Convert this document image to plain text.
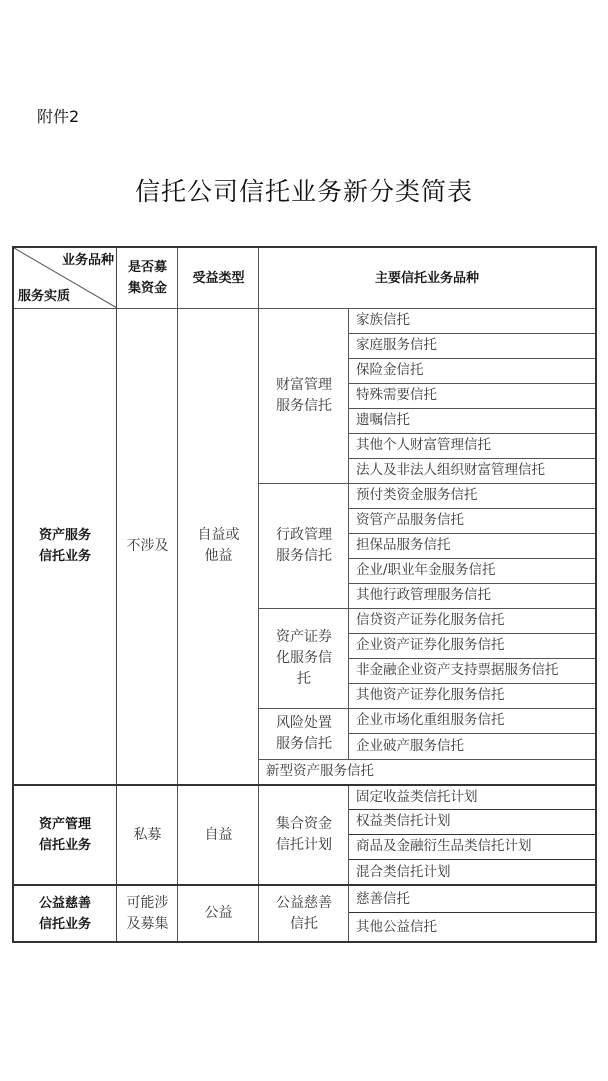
附件2
信托公司信托业务新分类简表
业务品种
服务实质
是否募
集资金
受益类型	主要信托业务品种
资产服务
信托业务
不涉及
自益或
他益
财富管理
服务信托
家族信托
家庭服务信托
保险金信托
特殊需要信托
遗嘱信托
其他个人财富管理信托
法人及非法人组织财富管理信托
行政管理
服务信托
预付类资金服务信托
资管产品服务信托
担保品服务信托
企业/职业年金服务信托
其他行政管理服务信托
资产证券
化服务信
托
信贷资产证券化服务信托
企业资产证券化服务信托
非金融企业资产支持票据服务信托
其他资产证券化服务信托
风险处置
服务信托
企业市场化重组服务信托
企业破产服务信托
新型资产服务信托
资产管理
信托业务
私募	自益
集合资金
信托计划
固定收益类信托计划
权益类信托计划
商品及金融衍生品类信托计划
混合类信托计划
公益慈善
信托业务
可能涉
及募集
公益
公益慈善
信托
慈善信托
其他公益信托
